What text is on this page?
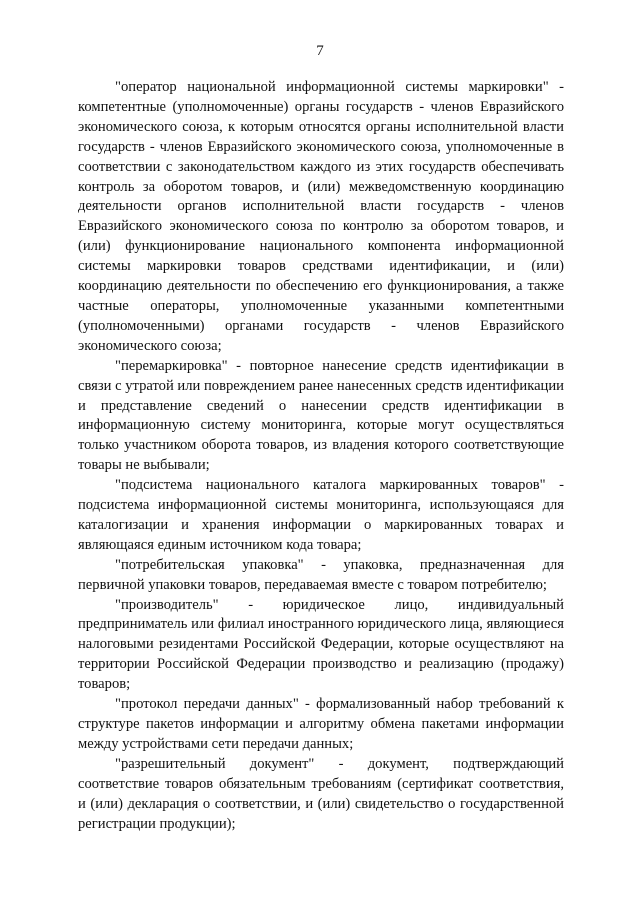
7

"оператор национальной информационной системы маркировки" - компетентные (уполномоченные) органы государств - членов Евразийского экономического союза, к которым относятся органы исполнительной власти государств - членов Евразийского экономического союза, уполномоченные в соответствии с законодательством каждого из этих государств обеспечивать контроль за оборотом товаров, и (или) межведомственную координацию деятельности органов исполнительной власти государств - членов Евразийского экономического союза по контролю за оборотом товаров, и (или) функционирование национального компонента информационной системы маркировки товаров средствами идентификации, и (или) координацию деятельности по обеспечению его функционирования, а также частные операторы, уполномоченные указанными компетентными (уполномоченными) органами государств - членов Евразийского экономического союза;

"перемаркировка" - повторное нанесение средств идентификации в связи с утратой или повреждением ранее нанесенных средств идентификации и представление сведений о нанесении средств идентификации в информационную систему мониторинга, которые могут осуществляться только участником оборота товаров, из владения которого соответствующие товары не выбывали;

"подсистема национального каталога маркированных товаров" - подсистема информационной системы мониторинга, использующаяся для каталогизации и хранения информации о маркированных товарах и являющаяся единым источником кода товара;

"потребительская упаковка" - упаковка, предназначенная для первичной упаковки товаров, передаваемая вместе с товаром потребителю;

"производитель" - юридическое лицо, индивидуальный предприниматель или филиал иностранного юридического лица, являющиеся налоговыми резидентами Российской Федерации, которые осуществляют на территории Российской Федерации производство и реализацию (продажу) товаров;

"протокол передачи данных" - формализованный набор требований к структуре пакетов информации и алгоритму обмена пакетами информации между устройствами сети передачи данных;

"разрешительный документ" - документ, подтверждающий соответствие товаров обязательным требованиям (сертификат соответствия, и (или) декларация о соответствии, и (или) свидетельство о государственной регистрации продукции);
